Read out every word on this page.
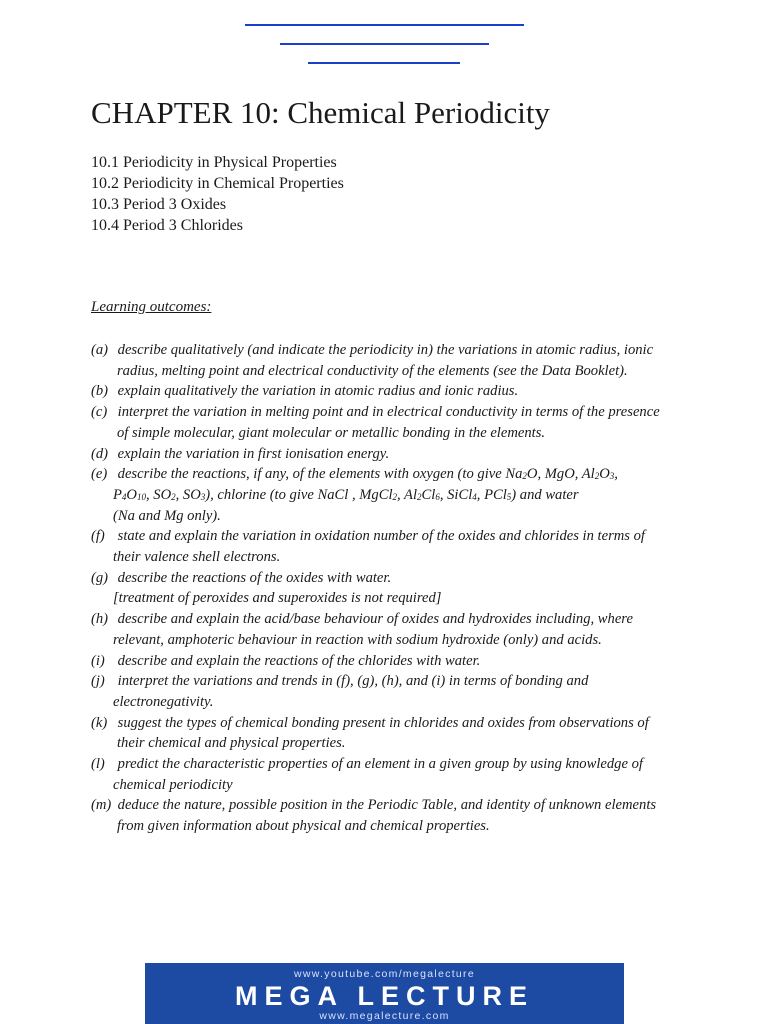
CHAPTER 10: Chemical Periodicity
10.1 Periodicity in Physical Properties
10.2 Periodicity in Chemical Properties
10.3 Period 3 Oxides
10.4 Period 3 Chlorides
Learning outcomes:
(a) describe qualitatively (and indicate the periodicity in) the variations in atomic radius, ionic
radius, melting point and electrical conductivity of the elements (see the Data Booklet).
(b) explain qualitatively the variation in atomic radius and ionic radius.
(c) interpret the variation in melting point and in electrical conductivity in terms of the presence
of simple molecular, giant molecular or metallic bonding in the elements.
(d) explain the variation in first ionisation energy.
(e) describe the reactions, if any, of the elements with oxygen (to give $Na_2O$, MgO, $Al_2O_3$,
$P_4O_{10}$, $SO_2$, $SO_3$), chlorine (to give NaCl , MgCl$_2$, $Al_2Cl_6$, SiCl$_4$, PCl$_5$) and water
(Na and Mg only).
(f) state and explain the variation in oxidation number of the oxides and chlorides in terms of
their valence shell electrons.
(g) describe the reactions of the oxides with water.
[treatment of peroxides and superoxides is not required]
(h) describe and explain the acid/base behaviour of oxides and hydroxides including, where
relevant, amphoteric behaviour in reaction with sodium hydroxide (only) and acids.
(i) describe and explain the reactions of the chlorides with water.
(j) interpret the variations and trends in (f), (g), (h), and (i) in terms of bonding and
electronegativity.
(k) suggest the types of chemical bonding present in chlorides and oxides from observations of
their chemical and physical properties.
(l) predict the characteristic properties of an element in a given group by using knowledge of
chemical periodicity
(m) deduce the nature, possible position in the Periodic Table, and identity of unknown elements
from given information about physical and chemical properties.
www.youtube.com/megalecture
MEGA LECTURE
www.megalecture.com
